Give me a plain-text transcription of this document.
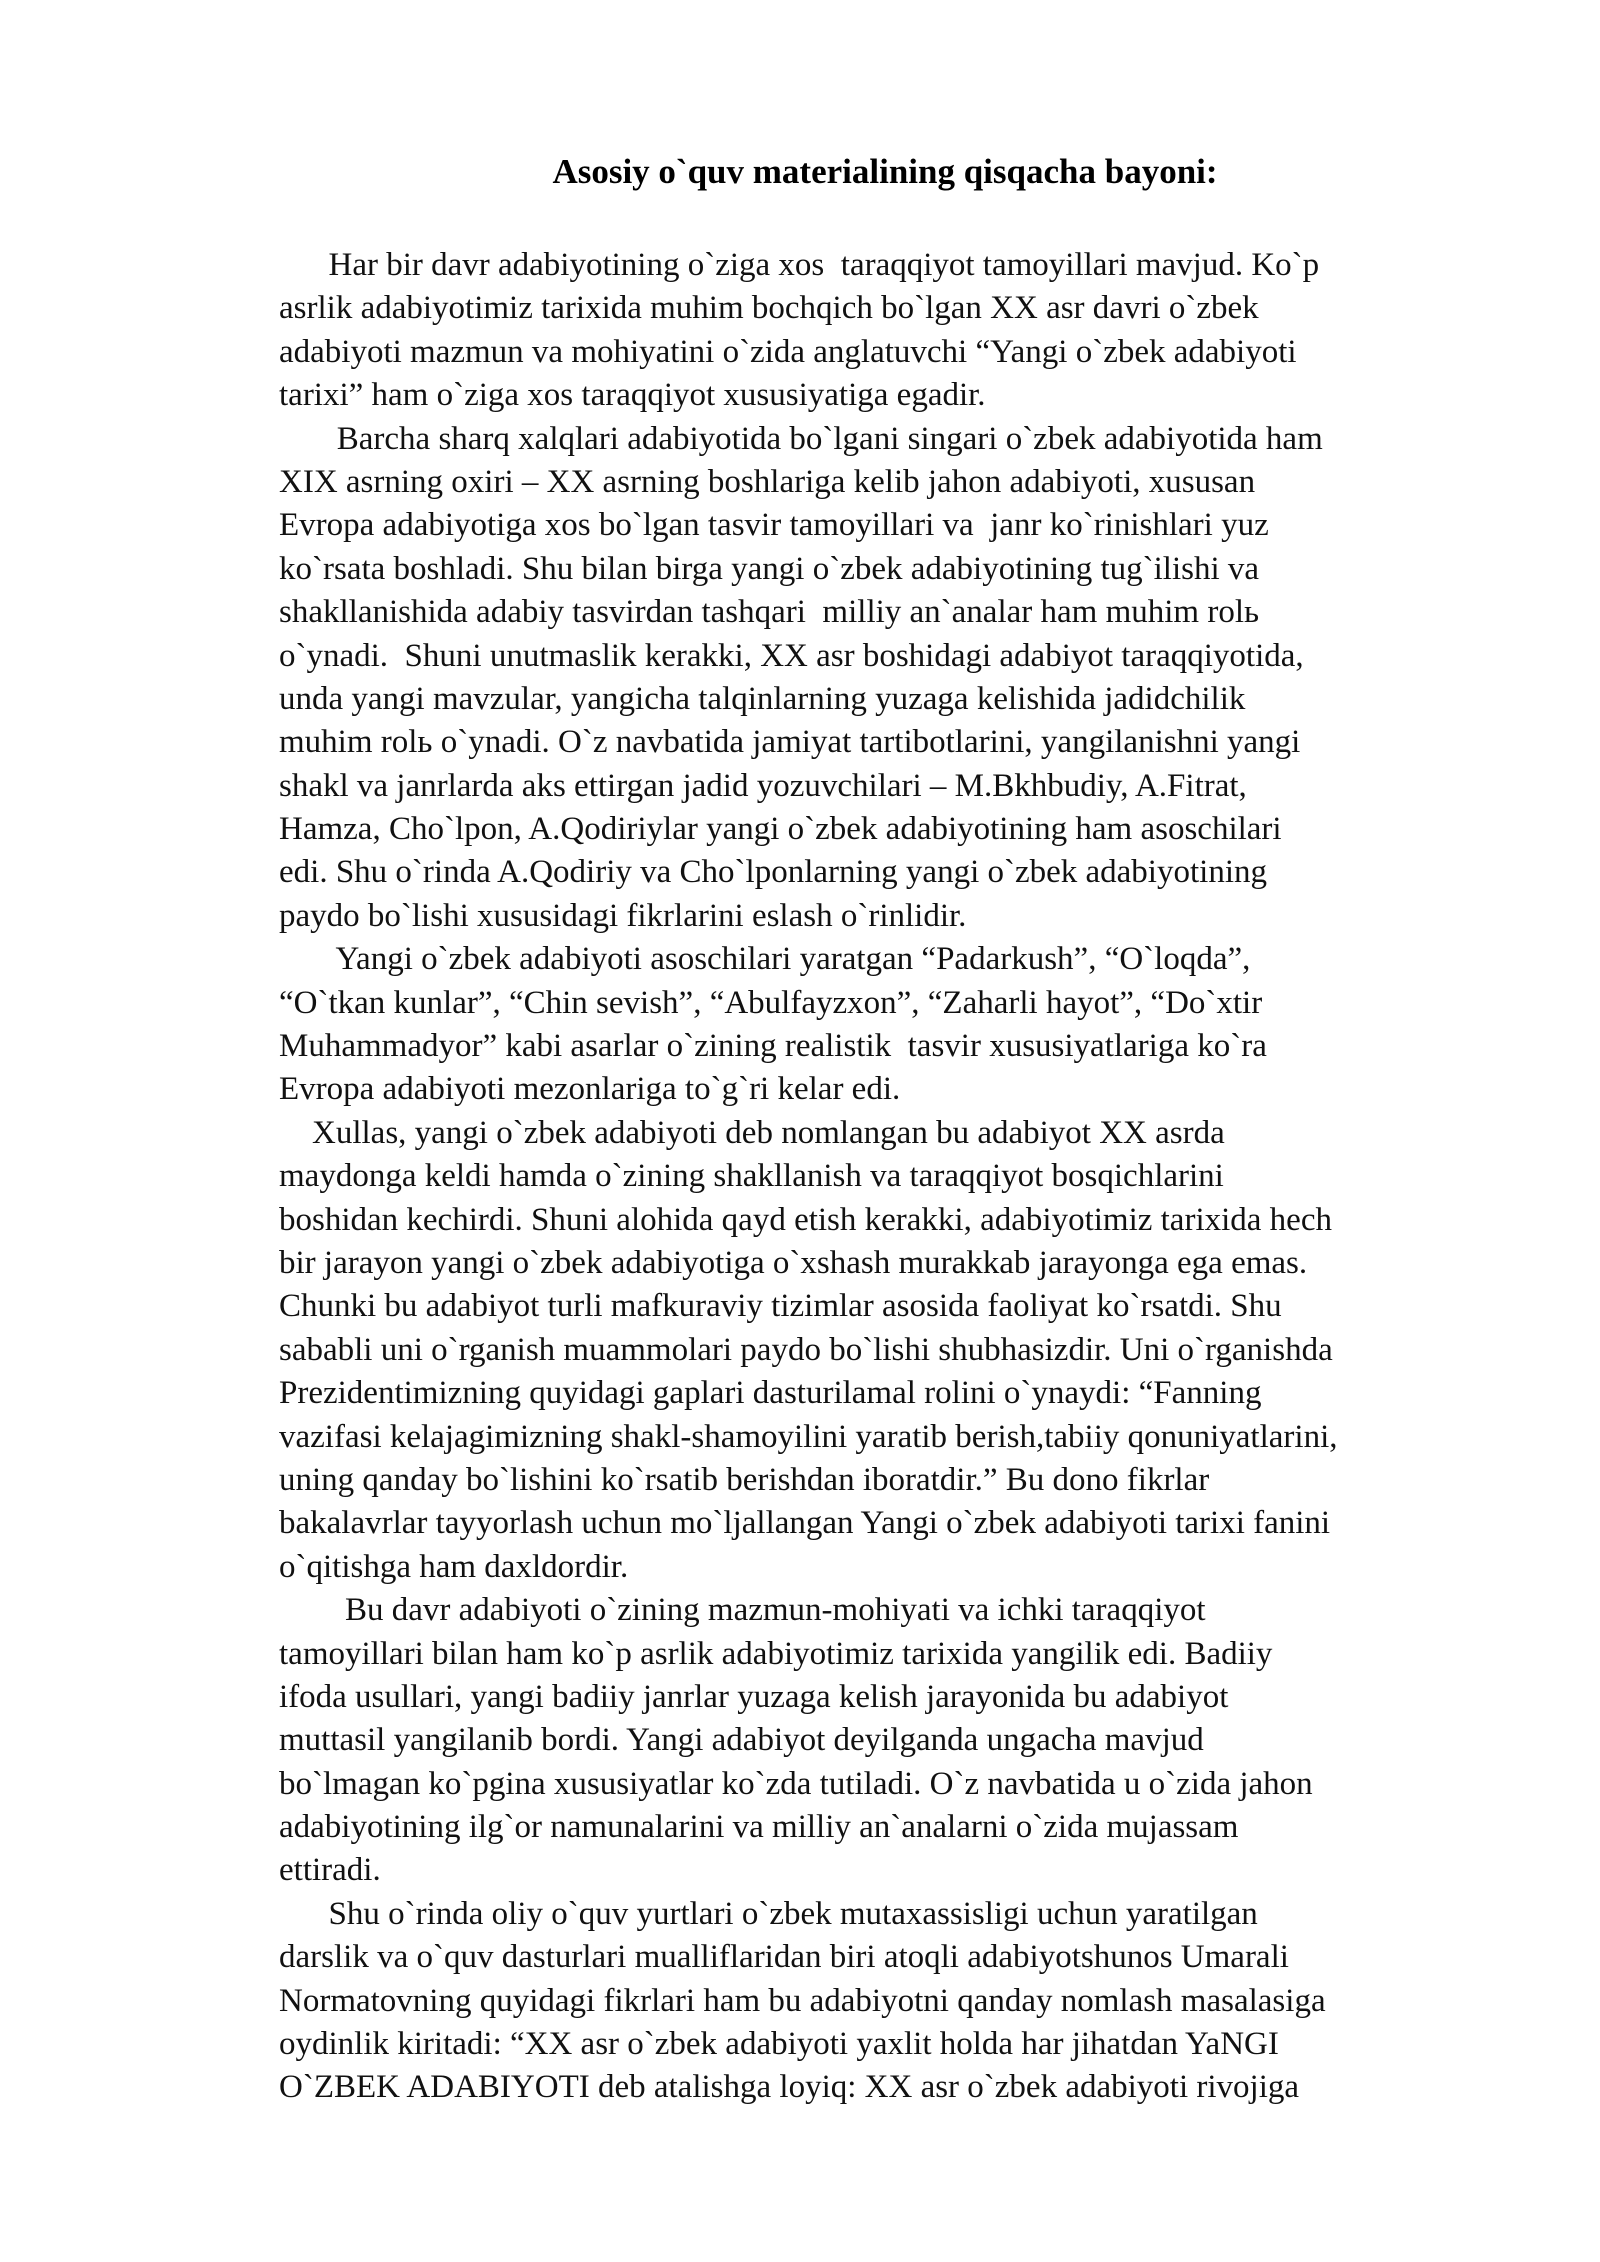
Asosiy o`quv materialining qisqacha bayoni:
Har bir davr adabiyotining o`ziga xos  taraqqiyot tamoyillari mavjud. Ko`p
asrlik adabiyotimiz tarixida muhim bochqich bo`lgan XX asr davri o`zbek
adabiyoti mazmun va mohiyatini o`zida anglatuvchi “Yangi o`zbek adabiyoti
tarixi” ham o`ziga xos taraqqiyot xususiyatiga egadir.
Barcha sharq xalqlari adabiyotida bo`lgani singari o`zbek adabiyotida ham
XIX asrning oxiri – XX asrning boshlariga kelib jahon adabiyoti, xususan
Evropa adabiyotiga xos bo`lgan tasvir tamoyillari va  janr ko`rinishlari yuz
ko`rsata boshladi. Shu bilan birga yangi o`zbek adabiyotining tug`ilishi va
shakllanishida adabiy tasvirdan tashqari  milliy an`analar ham muhim rolь
o`ynadi.  Shuni unutmaslik kerakki, XX asr boshidagi adabiyot taraqqiyotida,
unda yangi mavzular, yangicha talqinlarning yuzaga kelishida jadidchilik
muhim rolь o`ynadi. O`z navbatida jamiyat tartibotlarini, yangilanishni yangi
shakl va janrlarda aks ettirgan jadid yozuvchilari – M.Bkhbudiy, A.Fitrat,
Hamza, Cho`lpon, A.Qodiriylar yangi o`zbek adabiyotining ham asoschilari
edi. Shu o`rinda A.Qodiriy va Cho`lponlarning yangi o`zbek adabiyotining
paydo bo`lishi xususidagi fikrlarini eslash o`rinlidir.
Yangi o`zbek adabiyoti asoschilari yaratgan “Padarkush”, “O`loqda”,
“O`tkan kunlar”, “Chin sevish”, “Abulfayzxon”, “Zaharli hayot”, “Do`xtir
Muhammadyor” kabi asarlar o`zining realistik  tasvir xususiyatlariga ko`ra
Evropa adabiyoti mezonlariga to`g`ri kelar edi.
Xullas, yangi o`zbek adabiyoti deb nomlangan bu adabiyot XX asrda
maydonga keldi hamda o`zining shakllanish va taraqqiyot bosqichlarini
boshidan kechirdi. Shuni alohida qayd etish kerakki, adabiyotimiz tarixida hech
bir jarayon yangi o`zbek adabiyotiga o`xshash murakkab jarayonga ega emas.
Chunki bu adabiyot turli mafkuraviy tizimlar asosida faoliyat ko`rsatdi. Shu
sababli uni o`rganish muammolari paydo bo`lishi shubhasizdir. Uni o`rganishda
Prezidentimizning quyidagi gaplari dasturilamal rolini o`ynaydi: “Fanning
vazifasi kelajagimizning shakl-shamoyilini yaratib berish,tabiiy qonuniyatlarini,
uning qanday bo`lishini ko`rsatib berishdan iboratdir.” Bu dono fikrlar
bakalavrlar tayyorlash uchun mo`ljallangan Yangi o`zbek adabiyoti tarixi fanini
o`qitishga ham daxldordir.
Bu davr adabiyoti o`zining mazmun-mohiyati va ichki taraqqiyot
tamoyillari bilan ham ko`p asrlik adabiyotimiz tarixida yangilik edi. Badiiy
ifoda usullari, yangi badiiy janrlar yuzaga kelish jarayonida bu adabiyot
muttasil yangilanib bordi. Yangi adabiyot deyilganda ungacha mavjud
bo`lmagan ko`pgina xususiyatlar ko`zda tutiladi. O`z navbatida u o`zida jahon
adabiyotining ilg`or namunalarini va milliy an`analarni o`zida mujassam
ettiradi.
Shu o`rinda oliy o`quv yurtlari o`zbek mutaxassisligi uchun yaratilgan
darslik va o`quv dasturlari mualliflaridan biri atoqli adabiyotshunos Umarali
Normatovning quyidagi fikrlari ham bu adabiyotni qanday nomlash masalasiga
oydinlik kiritadi: “XX asr o`zbek adabiyoti yaxlit holda har jihatdan YaNGI
O`ZBEK ADABIYOTI deb atalishga loyiq: XX asr o`zbek adabiyoti rivojiga
